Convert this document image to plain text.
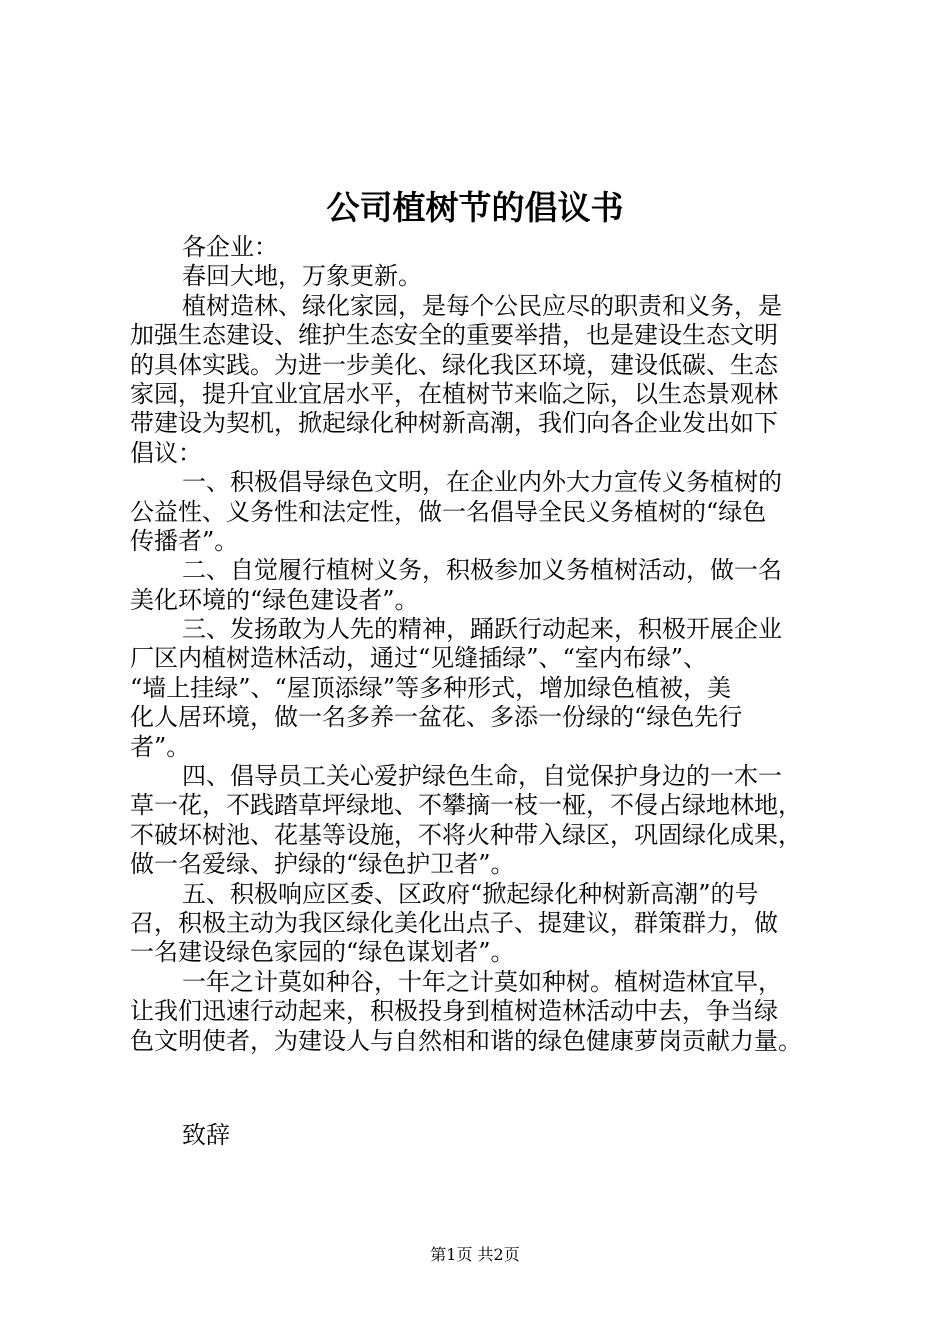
公司植树节的倡议书
各企业：
春回大地，万象更新。
植树造林、绿化家园，是每个公民应尽的职责和义务，是
加强生态建设、维护生态安全的重要举措，也是建设生态文明
的具体实践。为进一步美化、绿化我区环境，建设低碳、生态
家园，提升宜业宜居水平，在植树节来临之际，以生态景观林
带建设为契机，掀起绿化种树新高潮，我们向各企业发出如下
倡议：
一、积极倡导绿色文明，在企业内外大力宣传义务植树的
公益性、义务性和法定性，做一名倡导全民义务植树的“绿色
传播者”。
二、自觉履行植树义务，积极参加义务植树活动，做一名
美化环境的“绿色建设者”。
三、发扬敢为人先的精神，踊跃行动起来，积极开展企业
厂区内植树造林活动，通过“见缝插绿”、“室内布绿”、
“墙上挂绿”、“屋顶添绿”等多种形式，增加绿色植被，美
化人居环境，做一名多养一盆花、多添一份绿的“绿色先行
者”。
四、倡导员工关心爱护绿色生命，自觉保护身边的一木一
草一花，不践踏草坪绿地、不攀摘一枝一桠，不侵占绿地林地，
不破坏树池、花基等设施，不将火种带入绿区，巩固绿化成果，
做一名爱绿、护绿的“绿色护卫者”。
五、积极响应区委、区政府“掀起绿化种树新高潮”的号
召，积极主动为我区绿化美化出点子、提建议，群策群力，做
一名建设绿色家园的“绿色谋划者”。
一年之计莫如种谷，十年之计莫如种树。植树造林宜早，
让我们迅速行动起来，积极投身到植树造林活动中去，争当绿
色文明使者，为建设人与自然相和谐的绿色健康萝岗贡献力量。
致辞
第1页 共2页
